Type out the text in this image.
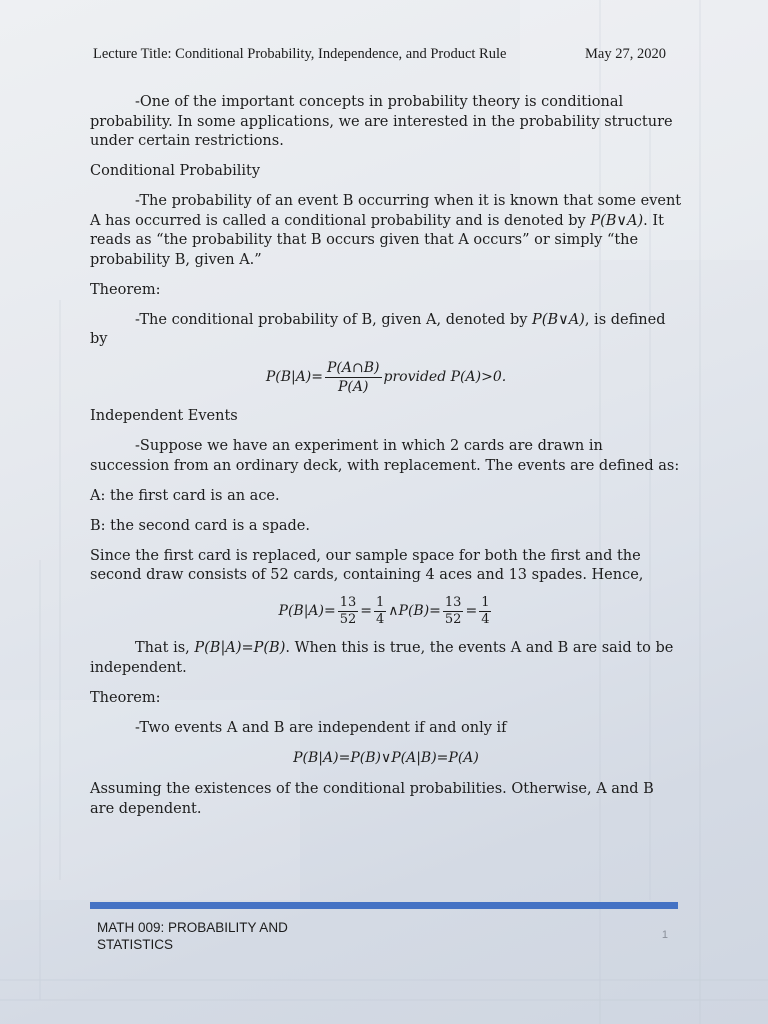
Lecture Title: Conditional Probability, Independence, and Product Rule	May 27, 2020

-One of the important concepts in probability theory is conditional probability. In some applications, we are interested in the probability structure under certain restrictions.

Conditional Probability

-The probability of an event B occurring when it is known that some event A has occurred is called a conditional probability and is denoted by P(B∨A). It reads as “the probability that B occurs given that A occurs” or simply “the probability B, given A.”

Theorem:

-The conditional probability of B, given A, denoted by P(B∨A), is defined by

$P(B|A)= \frac{P(A\cap B)}{P(A)}$ provided P(A)>0.

Independent Events

-Suppose we have an experiment in which 2 cards are drawn in succession from an ordinary deck, with replacement. The events are defined as:

A: the first card is an ace.

B: the second card is a spade.

Since the first card is replaced, our sample space for both the first and the second draw consists of 52 cards, containing 4 aces and 13 spades. Hence,

$P(B|A)= \frac{13}{52} = \frac{1}{4}$ ∧P(B)= $\frac{13}{52} = \frac{1}{4}$

That is, P(B|A)=P(B). When this is true, the events A and B are said to be independent.

Theorem:

-Two events A and B are independent if and only if

P(B|A)=P(B)∨P(A|B)=P(A)

Assuming the existences of the conditional probabilities. Otherwise, A and B are dependent.

MATH 009: PROBABILITY AND STATISTICS
1
